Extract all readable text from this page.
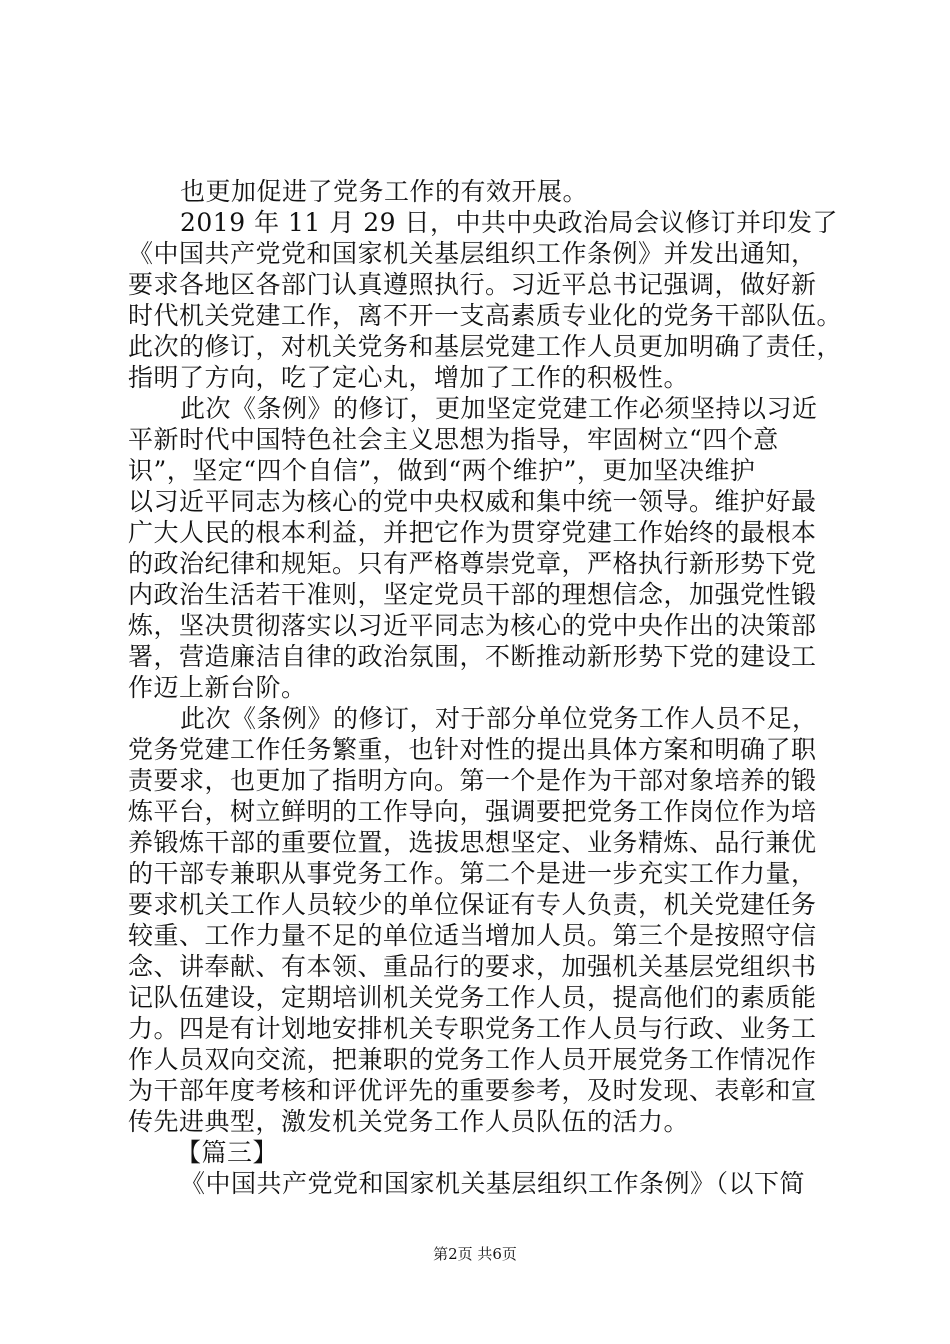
也更加促进了党务工作的有效开展。
2019 年 11 月 29 日，中共中央政治局会议修订并印发了
《中国共产党党和国家机关基层组织工作条例》并发出通知，
要求各地区各部门认真遵照执行。习近平总书记强调，做好新
时代机关党建工作，离不开一支高素质专业化的党务干部队伍。
此次的修订，对机关党务和基层党建工作人员更加明确了责任，
指明了方向，吃了定心丸，增加了工作的积极性。
此次《条例》的修订，更加坚定党建工作必须坚持以习近
平新时代中国特色社会主义思想为指导，牢固树立“四个意
识”，坚定“四个自信”，做到“两个维护”，更加坚决维护
以习近平同志为核心的党中央权威和集中统一领导。维护好最
广大人民的根本利益，并把它作为贯穿党建工作始终的最根本
的政治纪律和规矩。只有严格尊崇党章，严格执行新形势下党
内政治生活若干准则，坚定党员干部的理想信念，加强党性锻
炼，坚决贯彻落实以习近平同志为核心的党中央作出的决策部
署，营造廉洁自律的政治氛围，不断推动新形势下党的建设工
作迈上新台阶。
此次《条例》的修订，对于部分单位党务工作人员不足，
党务党建工作任务繁重，也针对性的提出具体方案和明确了职
责要求，也更加了指明方向。第一个是作为干部对象培养的锻
炼平台，树立鲜明的工作导向，强调要把党务工作岗位作为培
养锻炼干部的重要位置，选拔思想坚定、业务精炼、品行兼优
的干部专兼职从事党务工作。第二个是进一步充实工作力量，
要求机关工作人员较少的单位保证有专人负责，机关党建任务
较重、工作力量不足的单位适当增加人员。第三个是按照守信
念、讲奉献、有本领、重品行的要求，加强机关基层党组织书
记队伍建设，定期培训机关党务工作人员，提高他们的素质能
力。四是有计划地安排机关专职党务工作人员与行政、业务工
作人员双向交流，把兼职的党务工作人员开展党务工作情况作
为干部年度考核和评优评先的重要参考，及时发现、表彰和宣
传先进典型，激发机关党务工作人员队伍的活力。
【篇三】
《中国共产党党和国家机关基层组织工作条例》（以下简
第2页 共6页
